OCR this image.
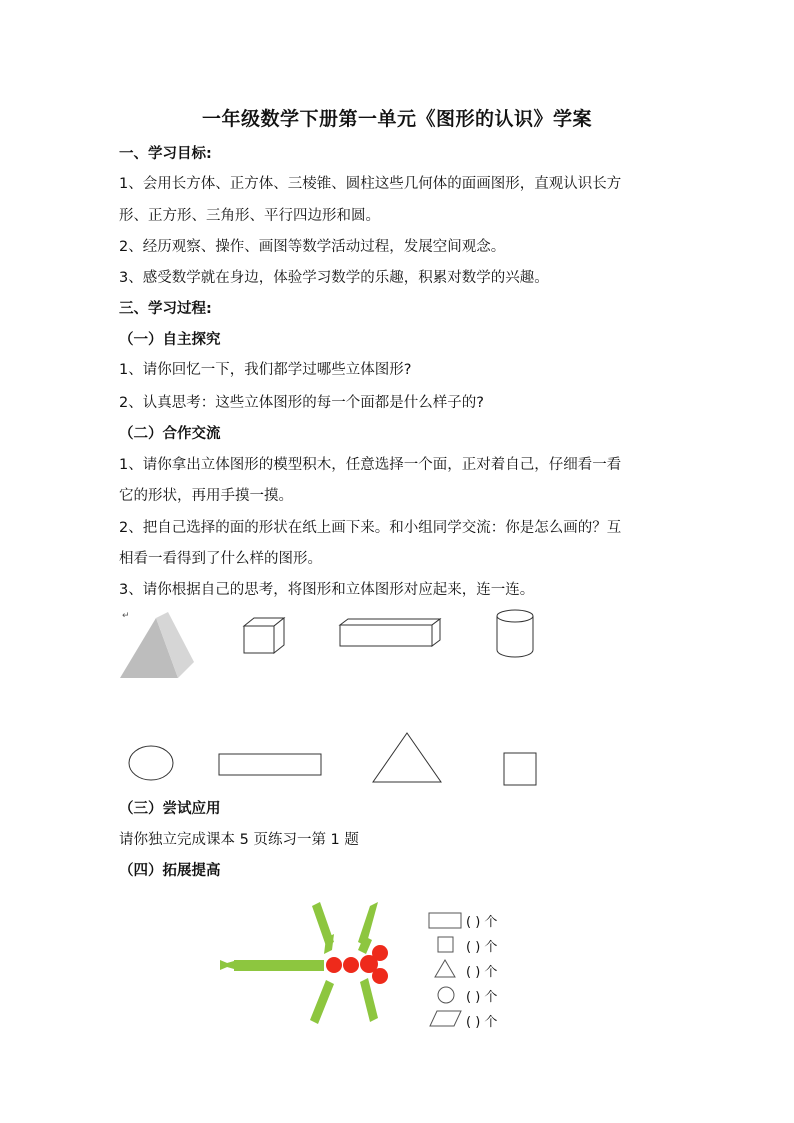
一年级数学下册第一单元《图形的认识》学案
一、学习目标:
1、会用长方体、正方体、三棱锥、圆柱这些几何体的面画图形，直观认识长方
形、正方形、三角形、平行四边形和圆。
2、经历观察、操作、画图等数学活动过程，发展空间观念。
3、感受数学就在身边，体验学习数学的乐趣，积累对数学的兴趣。
三、学习过程:
（一）自主探究
1、请你回忆一下，我们都学过哪些立体图形?
2、认真思考：这些立体图形的每一个面都是什么样子的?
（二）合作交流
1、请你拿出立体图形的模型积木，任意选择一个面，正对着自己，仔细看一看
它的形状，再用手摸一摸。
2、把自己选择的面的形状在纸上画下来。和小组同学交流：你是怎么画的？互
相看一看得到了什么样的图形。
3、请你根据自己的思考，将图形和立体图形对应起来，连一连。
↵
（三）尝试应用
请你独立完成课本 5 页练习一第 1 题
（四）拓展提高
( ) 个
( ) 个
( ) 个
( ) 个
( ) 个
